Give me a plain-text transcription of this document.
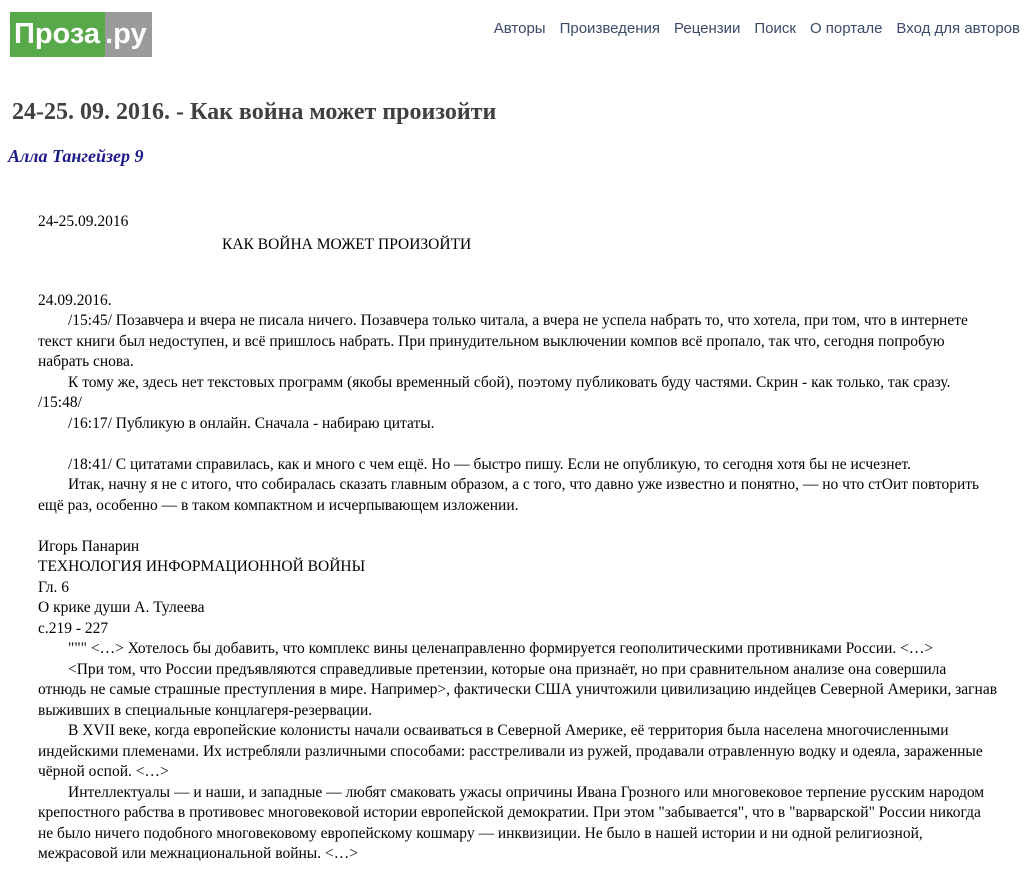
Проза .ру	Авторы Произведения Рецензии Поиск О портале Вход для авторов
24-25. 09. 2016. - Как война может произойти
Алла Тангейзер 9

24-25.09.2016

КАК ВОЙНА МОЖЕТ ПРОИЗОЙТИ

24.09.2016.

/15:45/ Позавчера и вчера не писала ничего. Позавчера только читала, а вчера не успела набрать то, что хотела, при том, что в интернете текст книги был недоступен, и всё пришлось набрать. При принудительном выключении компов всё пропало, так что, сегодня попробую набрать снова.

К тому же, здесь нет текстовых программ (якобы временный сбой), поэтому публиковать буду частями. Скрин - как только, так сразу. /15:48/

/16:17/ Публикую в онлайн. Сначала - набираю цитаты.

/18:41/ С цитатами справилась, как и много с чем ещё. Но — быстро пишу. Если не опубликую, то сегодня хотя бы не исчезнет.

Итак, начну я не с итого, что собиралась сказать главным образом, а с того, что давно уже известно и понятно, — но что стОит повторить ещё раз, особенно — в таком компактном и исчерпывающем изложении.

Игорь Панарин

ТЕХНОЛОГИЯ ИНФОРМАЦИОННОЙ ВОЙНЫ

Гл. 6

О крике души А. Тулеева

с.219 - 227

""" <…> Хотелось бы добавить, что комплекс вины целенаправленно формируется геополитическими противниками России. <…>

<При том, что России предъявляются справедливые претензии, которые она признаёт, но при сравнительном анализе она совершила отнюдь не самые страшные преступления в мире. Например>, фактически США уничтожили цивилизацию индейцев Северной Америки, загнав выживших в специальные концлагеря-резервации.

В XVII веке, когда европейские колонисты начали осваиваться в Северной Америке, её территория была населена многочисленными индейскими племенами. Их истребляли различными способами: расстреливали из ружей, продавали отравленную водку и одеяла, зараженные чёрной оспой. <…>

Интеллектуалы — и наши, и западные — любят смаковать ужасы опричины Ивана Грозного или многовековое терпение русским народом крепостного рабства в противовес многовековой истории европейской демократии. При этом "забывается", что в "варварской" России никогда не было ничего подобного многовековому европейскому кошмару — инквизиции. Не было в нашей истории и ни одной религиозной, межрасовой или межнациональной войны. <…>
